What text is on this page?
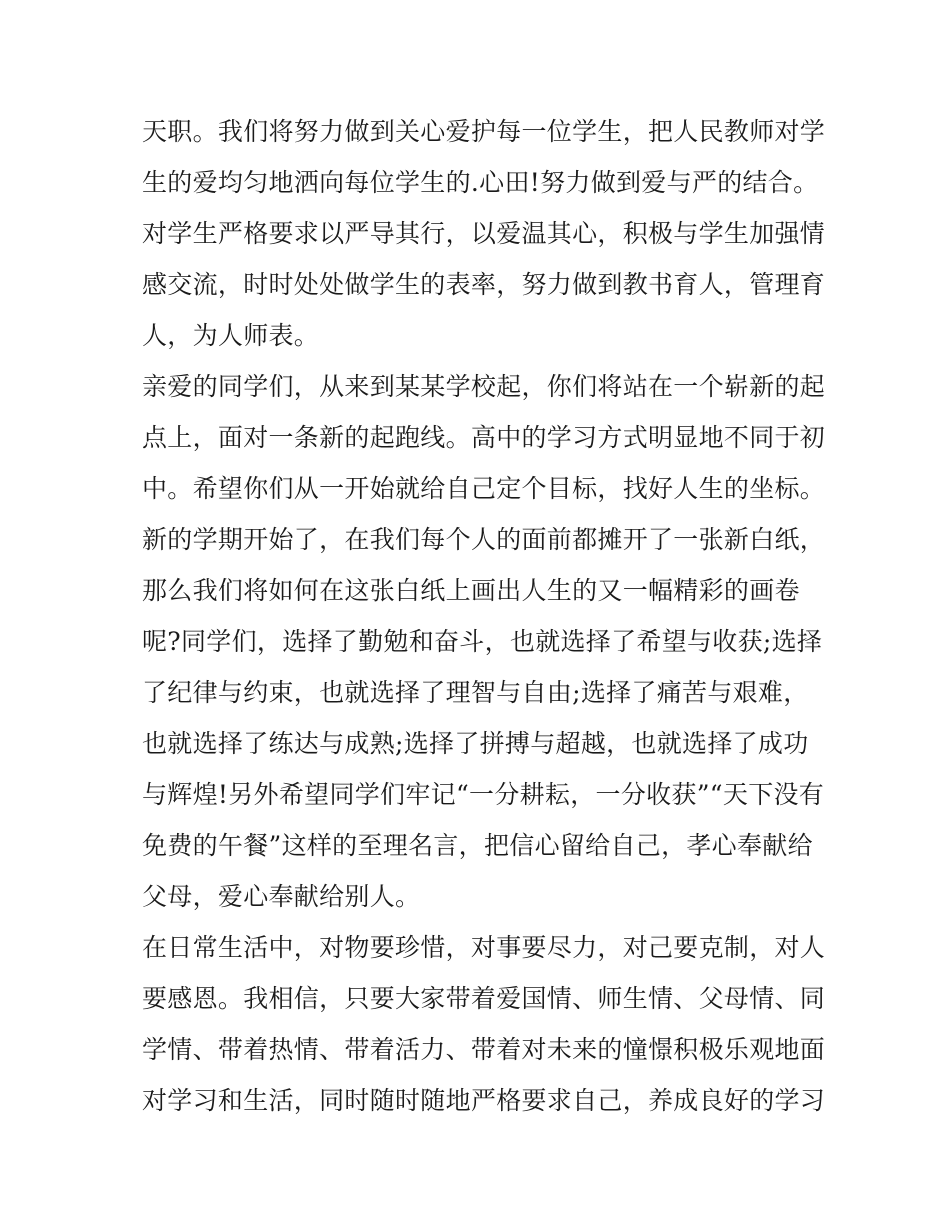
天职。我们将努力做到关心爱护每一位学生，把人民教师对学
生的爱均匀地洒向每位学生的.心田!努力做到爱与严的结合。
对学生严格要求以严导其行，以爱温其心，积极与学生加强情
感交流，时时处处做学生的表率，努力做到教书育人，管理育
人，为人师表。
亲爱的同学们，从来到某某学校起，你们将站在一个崭新的起
点上，面对一条新的起跑线。高中的学习方式明显地不同于初
中。希望你们从一开始就给自己定个目标，找好人生的坐标。
新的学期开始了，在我们每个人的面前都摊开了一张新白纸，
那么我们将如何在这张白纸上画出人生的又一幅精彩的画卷
呢?同学们，选择了勤勉和奋斗，也就选择了希望与收获;选择
了纪律与约束，也就选择了理智与自由;选择了痛苦与艰难，
也就选择了练达与成熟;选择了拼搏与超越，也就选择了成功
与辉煌!另外希望同学们牢记“一分耕耘，一分收获”“天下没有
免费的午餐”这样的至理名言，把信心留给自己，孝心奉献给
父母，爱心奉献给别人。
在日常生活中，对物要珍惜，对事要尽力，对己要克制，对人
要感恩。我相信，只要大家带着爱国情、师生情、父母情、同
学情、带着热情、带着活力、带着对未来的憧憬积极乐观地面
对学习和生活，同时随时随地严格要求自己，养成良好的学习
